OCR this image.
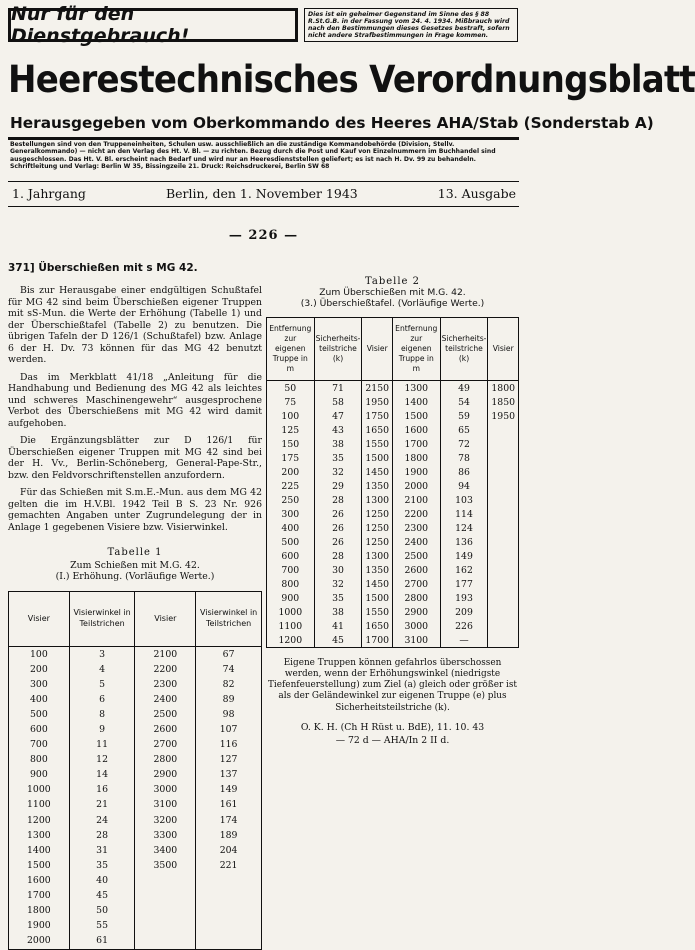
Nur für den Dienstgebrauch!
Dies ist ein geheimer Gegenstand im Sinne des § 88 R.St.G.B. in der Fassung vom 24. 4. 1934. Mißbrauch wird nach den Bestimmungen dieses Gesetzes bestraft, sofern nicht andere Strafbestimmungen in Frage kommen.
Heerestechnisches Verordnungsblatt
Herausgegeben vom Oberkommando des Heeres AHA/Stab (Sonderstab A)
Bestellungen sind von den Truppeneinheiten, Schulen usw. ausschließlich an die zuständige Kommandobehörde (Division, Stellv. Generalkommando) — nicht an den Verlag des Ht. V. Bl. — zu richten. Bezug durch die Post und Kauf von Einzelnummern im Buchhandel sind ausgeschlossen. Das Ht. V. Bl. erscheint nach Bedarf und wird nur an Heeresdienststellen geliefert; es ist nach H. Dv. 99 zu behandeln. Schriftleitung und Verlag: Berlin W 35, Bissingzeile 21. Druck: Reichsdruckerei, Berlin SW 68
1. Jahrgang	Berlin, den 1. November 1943	13. Ausgabe
— 226 —
371] Überschießen mit s MG 42.

Bis zur Herausgabe einer endgültigen Schußtafel für MG 42 sind beim Überschießen eigener Truppen mit sS-Mun. die Werte der Erhöhung (Tabelle 1) und der Überschießtafel (Tabelle 2) zu benutzen. Die übrigen Tafeln der D 126/1 (Schußtafel) bzw. Anlage 6 der H. Dv. 73 können für das MG 42 benutzt werden.

Das im Merkblatt 41/18 „Anleitung für die Handhabung und Bedienung des MG 42 als leichtes und schweres Maschinengewehr“ ausgesprochene Verbot des Überschießens mit MG 42 wird damit aufgehoben.

Die Ergänzungsblätter zur D 126/1 für Überschießen eigener Truppen mit MG 42 sind bei der H. Vv., Berlin-Schöneberg, General-Pape-Str., bzw. den Feldvorschriftenstellen anzufordern.

Für das Schießen mit S.m.E.-Mun. aus dem MG 42 gelten die im H.V.Bl. 1942 Teil B S. 23 Nr. 926 gemachten Angaben unter Zugrundelegung der in Anlage 1 gegebenen Visiere bzw. Visierwinkel.

Tabelle 1
Zum Schießen mit M.G. 42.
(I.) Erhöhung. (Vorläufige Werte.)
Visier	Visierwinkel in Teilstrichen	Visier	Visierwinkel in Teilstrichen
100	3	2100	67
200	4	2200	74
300	5	2300	82
400	6	2400	89
500	8	2500	98
600	9	2600	107
700	11	2700	116
800	12	2800	127
900	14	2900	137
1000	16	3000	149
1100	21	3100	161
1200	24	3200	174
1300	28	3300	189
1400	31	3400	204
1500	35	3500	221
1600	40		
1700	45		
1800	50		
1900	55		
2000	61		
Tabelle 2
Zum Überschießen mit M.G. 42.
(3.) Überschießtafel. (Vorläufige Werte.)
Entfernung zur eigenen Truppe in m	Sicherheits-teilstriche (k)	Visier	Entfernung zur eigenen Truppe in m	Sicherheits-teilstriche (k)	Visier
50	71	2150	1300	49	1800
75	58	1950	1400	54	1850
100	47	1750	1500	59	1950
125	43	1650	1600	65	
150	38	1550	1700	72	
175	35	1500	1800	78	
200	32	1450	1900	86	
225	29	1350	2000	94	
250	28	1300	2100	103	
300	26	1250	2200	114	
400	26	1250	2300	124	
500	26	1250	2400	136	
600	28	1300	2500	149	
700	30	1350	2600	162	
800	32	1450	2700	177	
900	35	1500	2800	193	
1000	38	1550	2900	209	
1100	41	1650	3000	226	
1200	45	1700	3100	—	
Eigene Truppen können gefahrlos überschossen werden, wenn der Erhöhungswinkel (niedrigste Tiefenfeuerstellung) zum Ziel (a) gleich oder größer ist als der Geländewinkel zur eigenen Truppe (e) plus Sicherheitsteilstriche (k).
O. K. H. (Ch H Rüst u. BdE), 11. 10. 43
— 72 d — AHA/In 2 II d.
